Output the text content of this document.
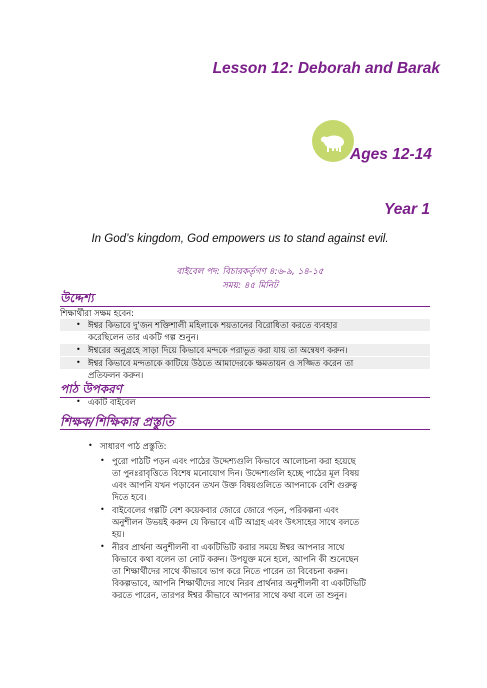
Lesson 12: Deborah and Barak
Ages 12-14
Year 1
In God’s kingdom, God empowers us to stand against evil.
বাইবেল পদ: বিচারকর্তৃগণ ৪:৬-৯, ১৪-১৫
সময়: ৪৫ মিনিট
উদ্দেশ্য
শিক্ষার্থীরা সক্ষম হবেন:
• ঈশ্বর কিভাবে দু'জন শক্তিশালী মহিলাকে শয়তানের বিরোধিতা করতে ব্যবহার
করেছিলেন তার একটি গল্প শুনুন।
• ঈশ্বরের অনুগ্রহে সাড়া দিয়ে কিভাবে মন্দকে পরাভূত করা যায় তা অন্বেষণ করুন।
• ঈশ্বর কিভাবে মন্দতাকে কাটিয়ে উঠতে আমাদেরকে ক্ষমতায়ন ও সজ্জিত করেন তা
প্রতিফলন করুন।
পাঠ উপকরণ
• একটি বাইবেল
শিক্ষক/শিক্ষিকার প্রস্তুতি
• সাধারণ পাঠ প্রস্তুতি:
• পুরো পাঠটি পড়ন এবং পাঠের উদ্দেশ্যগুলি কিভাবে আলোচনা করা হয়েছে
তা পুনঃরাবৃত্তিতে বিশেষ মনোযোগ দিন। উদ্দেশ্যগুলি হচ্ছে পাঠের মূল বিষয়
এবং আপনি যখন পড়াবেন তখন উক্ত বিষয়গুলিতে আপনাকে বেশি গুরুত্ব
দিতে হবে।
• বাইবেলের গল্পটি বেশ কয়েকবার জোরে জোরে পড়ন, পরিকল্পনা এবং
অনুশীলন উভয়ই করুন যে কিভাবে এটি আগ্রহ এবং উৎসাহের সাথে বলতে
হয়।
• নীরব প্রার্থনা অনুশীলনী বা একটিভিটি করার সময়ে ঈশ্বর আপনার সাথে
কিভাবে কথা বলেন তা নোট করুন। উপযুক্ত মনে হলে, আপনি কী শুনেছেন
তা শিক্ষার্থীদের সাথে কীভাবে ভাগ করে নিতে পারেন তা বিবেচনা করুন।
বিকল্পভাবে, আপনি শিক্ষার্থীদের সাথে নিরব প্রার্থনার অনুশীলনী বা একটিভিটি
করতে পারেন, তারপর ঈশ্বর কীভাবে আপনার সাথে কথা বলে তা শুনুন।
